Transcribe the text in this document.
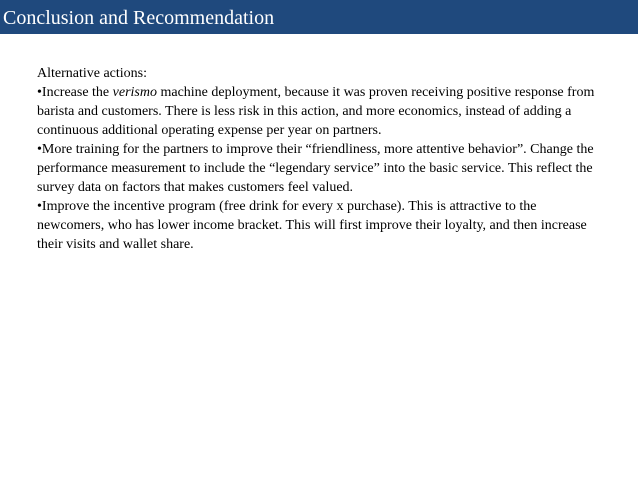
Conclusion and Recommendation

Alternative actions:

•Increase the verismo machine deployment, because it was proven receiving positive response from barista and customers. There is less risk in this action, and more economics, instead of adding a continuous additional operating expense per year on partners.

•More training for the partners to improve their “friendliness, more attentive behavior”. Change the performance measurement to include the “legendary service” into the basic service. This reflect the survey data on factors that makes customers feel valued.

•Improve the incentive program (free drink for every x purchase). This is attractive to the newcomers, who has lower income bracket. This will first improve their loyalty, and then increase their visits and wallet share.
